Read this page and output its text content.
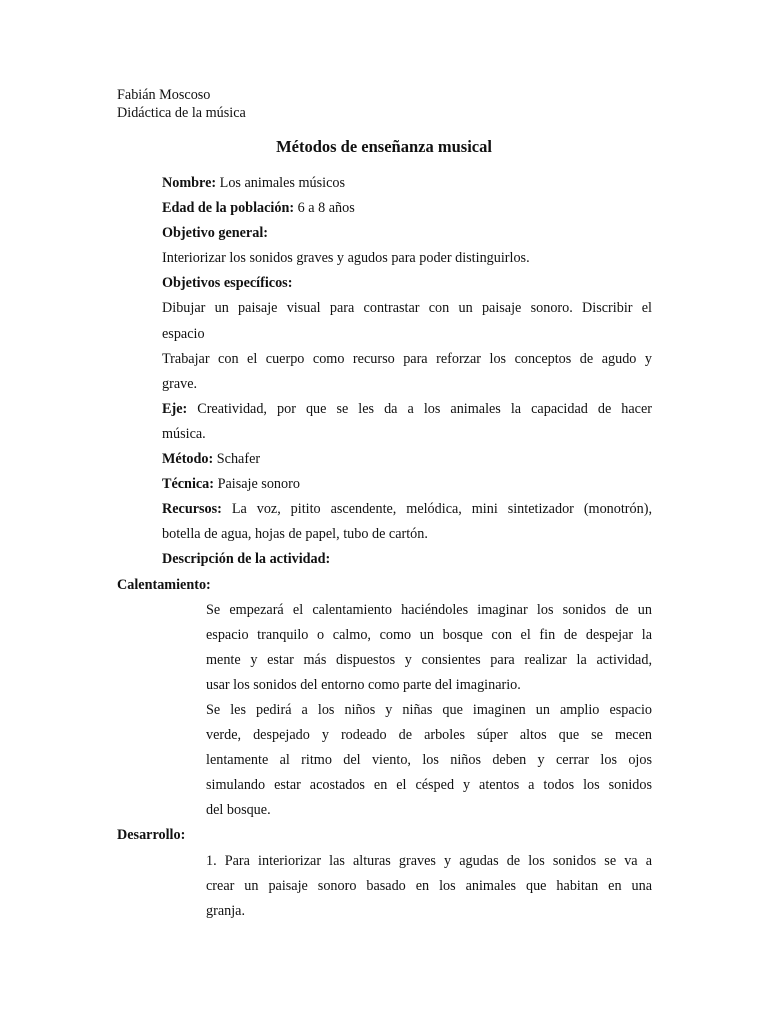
Fabián Moscoso
Didáctica de la música
Métodos de enseñanza musical
Nombre: Los animales músicos
Edad de la población: 6 a 8 años
Objetivo general:
Interiorizar los sonidos graves y agudos para poder distinguirlos.
Objetivos específicos:
Dibujar un paisaje visual para contrastar con un paisaje sonoro. Discribir el
espacio
Trabajar con el cuerpo como recurso para reforzar los conceptos de agudo y
grave.
Eje: Creatividad, por que se les da a los animales la capacidad de hacer
música.
Método: Schafer
Técnica: Paisaje sonoro
Recursos: La voz, pitito ascendente, melódica, mini sintetizador (monotrón),
botella de agua, hojas de papel, tubo de cartón.
Descripción de la actividad:
Calentamiento:
Se empezará el calentamiento haciéndoles imaginar los sonidos de un
espacio tranquilo o calmo, como un bosque con el fin de despejar la
mente y estar más dispuestos y consientes para realizar la actividad,
usar los sonidos del entorno como parte del imaginario.
Se les pedirá a los niños y niñas que imaginen un amplio espacio
verde, despejado y rodeado de arboles súper altos que se mecen
lentamente al ritmo del viento, los niños deben y cerrar los ojos
simulando estar acostados en el césped y atentos a todos los sonidos
del bosque.
Desarrollo:
1. Para interiorizar las alturas graves y agudas de los sonidos se va a
crear un paisaje sonoro basado en los animales que habitan en una
granja.
